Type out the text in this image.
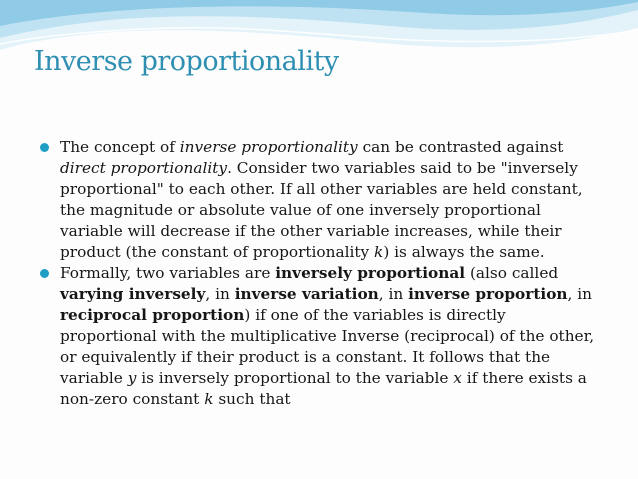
Inverse proportionality

The concept of inverse proportionality can be contrasted against direct proportionality. Consider two variables said to be "inversely proportional" to each other. If all other variables are held constant, the magnitude or absolute value of one inversely proportional variable will decrease if the other variable increases, while their product (the constant of proportionality k) is always the same.

Formally, two variables are inversely proportional (also called varying inversely, in inverse variation, in inverse proportion, in reciprocal proportion) if one of the variables is directly proportional with the multiplicative Inverse (reciprocal) of the other, or equivalently if their product is a constant. It follows that the variable y is inversely proportional to the variable x if there exists a non-zero constant k such that
